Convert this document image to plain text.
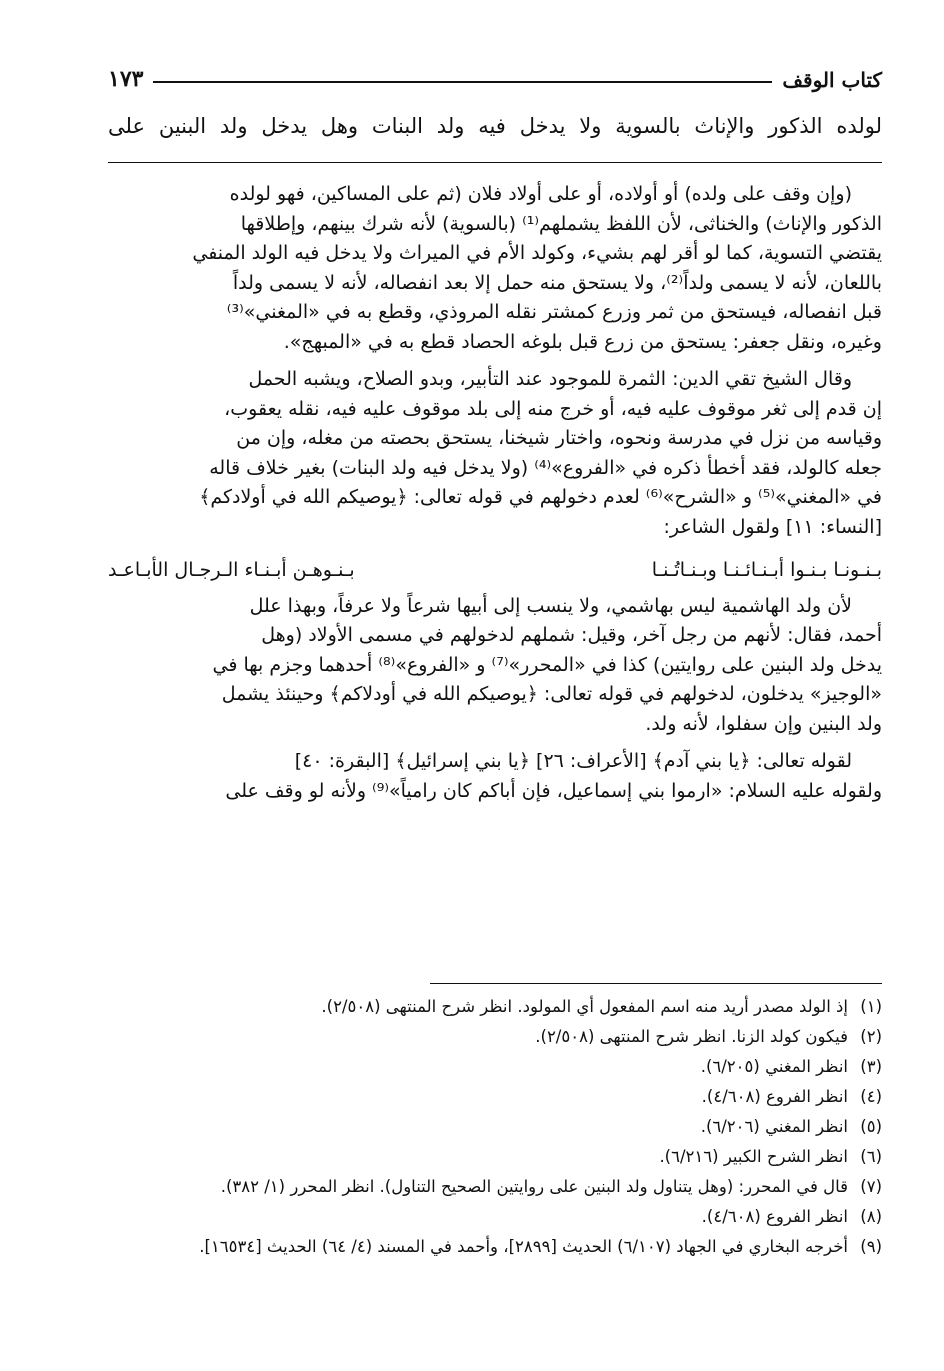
كتاب الوقف
١٧٣
لولده الذكور والإناث بالسوية ولا يدخل فيه ولد البنات وهل يدخل ولد البنين على

(وإن وقف على ولده) أو أولاده، أو على أولاد فلان (ثم على المساكين، فهو لولده

الذكور والإناث) والخناثى، لأن اللفظ يشملهم⁽¹⁾ (بالسوية) لأنه شرك بينهم، وإطلاقها

يقتضي التسوية، كما لو أقر لهم بشيء، وكولد الأم في الميراث ولا يدخل فيه الولد المنفي

باللعان، لأنه لا يسمى ولداً⁽²⁾، ولا يستحق منه حمل إلا بعد انفصاله، لأنه لا يسمى ولداً

قبل انفصاله، فيستحق من ثمر وزرع كمشتر نقله المروذي، وقطع به في «المغني»⁽³⁾

وغيره، ونقل جعفر: يستحق من زرع قبل بلوغه الحصاد قطع به في «المبهج».

وقال الشيخ تقي الدين: الثمرة للموجود عند التأبير، وبدو الصلاح، ويشبه الحمل

إن قدم إلى ثغر موقوف عليه فيه، أو خرج منه إلى بلد موقوف عليه فيه، نقله يعقوب،

وقياسه من نزل في مدرسة ونحوه، واختار شيخنا، يستحق بحصته من مغله، وإن من

جعله كالولد، فقد أخطأ ذكره في «الفروع»⁽⁴⁾ (ولا يدخل فيه ولد البنات) بغير خلاف قاله

في «المغني»⁽⁵⁾ و «الشرح»⁽⁶⁾ لعدم دخولهم في قوله تعالى: ﴿يوصيكم الله في أولادكم﴾

[النساء: ١١] ولقول الشاعر:

بـنـونـا بـنـوا أبـنـائـنـا وبـنـاتُـنـا
بـنـوهـن أبـنـاء الـرجـال الأبـاعـد

لأن ولد الهاشمية ليس بهاشمي، ولا ينسب إلى أبيها شرعاً ولا عرفاً، وبهذا علل

أحمد، فقال: لأنهم من رجل آخر، وقيل: شملهم لدخولهم في مسمى الأولاد (وهل

يدخل ولد البنين على روايتين) كذا في «المحرر»⁽⁷⁾ و «الفروع»⁽⁸⁾ أحدهما وجزم بها في

«الوجيز» يدخلون، لدخولهم في قوله تعالى: ﴿يوصيكم الله في أودلاكم﴾ وحينئذ يشمل

ولد البنين وإن سفلوا، لأنه ولد.

لقوله تعالى: ﴿يا بني آدم﴾ [الأعراف: ٢٦] ﴿يا بني إسرائيل﴾ [البقرة: ٤٠]

ولقوله عليه السلام: «ارموا بني إسماعيل، فإن أباكم كان رامياً»⁽⁹⁾ ولأنه لو وقف على

(١)
إذ الولد مصدر أريد منه اسم المفعول أي المولود. انظر شرح المنتهى (٢/٥٠٨).
(٢)
فيكون كولد الزنا. انظر شرح المنتهى (٢/٥٠٨).
(٣)
انظر المغني (٦/٢٠٥).
(٤)
انظر الفروع (٤/٦٠٨).
(٥)
انظر المغني (٦/٢٠٦).
(٦)
انظر الشرح الكبير (٦/٢١٦).
(٧)
قال في المحرر: (وهل يتناول ولد البنين على روايتين الصحيح التناول). انظر المحرر (١/ ٣٨٢).
(٨)
انظر الفروع (٤/٦٠٨).
(٩)
أخرجه البخاري في الجهاد (٦/١٠٧) الحديث [٢٨٩٩]، وأحمد في المسند (٤/ ٦٤) الحديث [١٦٥٣٤].
